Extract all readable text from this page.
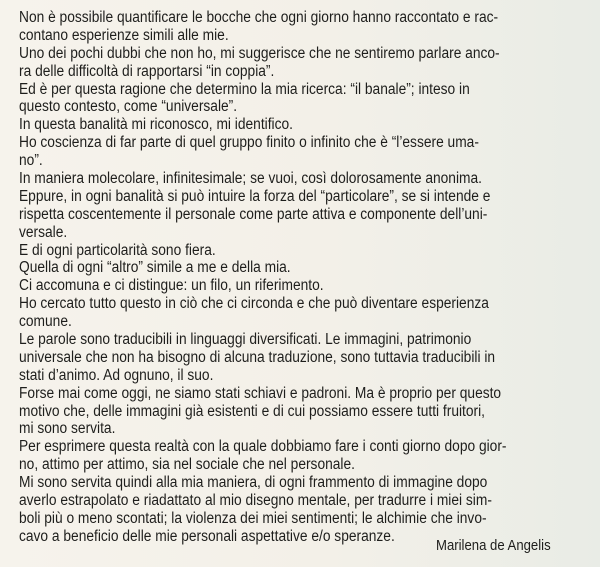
Non è possibile quantificare le bocche che ogni giorno hanno raccontato e rac-
contano esperienze simili alle mie.
Uno dei pochi dubbi che non ho, mi suggerisce che ne sentiremo parlare anco-
ra delle difficoltà di rapportarsi “in coppia”.
Ed è per questa ragione che determino la mia ricerca: “il banale”; inteso in
questo contesto, come “universale”.
In questa banalità mi riconosco, mi identifico.
Ho coscienza di far parte di quel gruppo finito o infinito che è “l’essere uma-
no”.
In maniera molecolare, infinitesimale; se vuoi, così dolorosamente anonima.
Eppure, in ogni banalità si può intuire la forza del “particolare”, se si intende e
rispetta coscentemente il personale come parte attiva e componente dell’uni-
versale.
E di ogni particolarità sono fiera.
Quella di ogni “altro” simile a me e della mia.
Ci accomuna e ci distingue: un filo, un riferimento.
Ho cercato tutto questo in ciò che ci circonda e che può diventare esperienza
comune.
Le parole sono traducibili in linguaggi diversificati. Le immagini, patrimonio
universale che non ha bisogno di alcuna traduzione, sono tuttavia traducibili in
stati d’animo. Ad ognuno, il suo.
Forse mai come oggi, ne siamo stati schiavi e padroni. Ma è proprio per questo
motivo che, delle immagini già esistenti e di cui possiamo essere tutti fruitori,
mi sono servita.
Per esprimere questa realtà con la quale dobbiamo fare i conti giorno dopo gior-
no, attimo per attimo, sia nel sociale che nel personale.
Mi sono servita quindi alla mia maniera, di ogni frammento di immagine dopo
averlo estrapolato e riadattato al mio disegno mentale, per tradurre i miei sim-
boli più o meno scontati; la violenza dei miei sentimenti; le alchimie che invo-
cavo a beneficio delle mie personali aspettative e/o speranze.
Marilena de Angelis
